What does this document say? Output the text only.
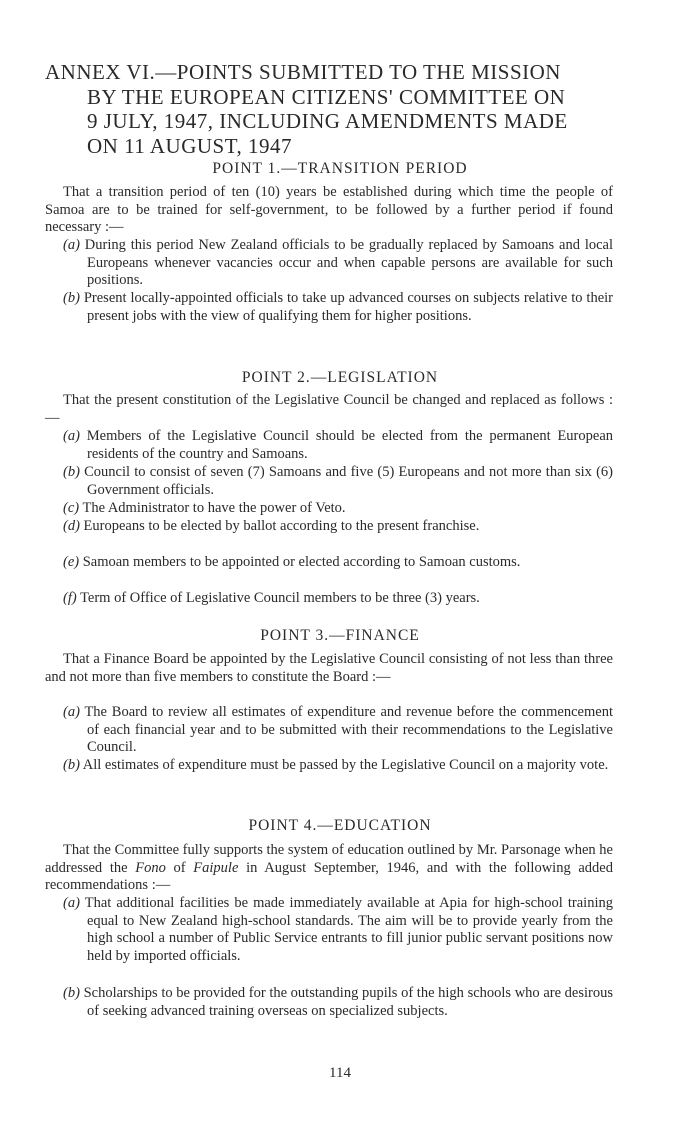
ANNEX VI.—POINTS SUBMITTED TO THE MISSION
BY THE EUROPEAN CITIZENS' COMMITTEE ON
9 JULY, 1947, INCLUDING AMENDMENTS MADE
ON 11 AUGUST, 1947
POINT 1.—TRANSITION PERIOD

That a transition period of ten (10) years be established during which time the people of Samoa are to be trained for self-government, to be followed by a further period if found necessary :—

(a) During this period New Zealand officials to be gradually replaced by Samoans and local Europeans whenever vacancies occur and when capable persons are available for such positions.

(b) Present locally-appointed officials to take up advanced courses on subjects relative to their present jobs with the view of qualifying them for higher positions.

POINT 2.—LEGISLATION

That the present constitution of the Legislative Council be changed and replaced as follows :—

(a) Members of the Legislative Council should be elected from the permanent European residents of the country and Samoans.

(b) Council to consist of seven (7) Samoans and five (5) Europeans and not more than six (6) Government officials.

(c) The Administrator to have the power of Veto.

(d) Europeans to be elected by ballot according to the present franchise.

(e) Samoan members to be appointed or elected according to Samoan customs.

(f) Term of Office of Legislative Council members to be three (3) years.

POINT 3.—FINANCE

That a Finance Board be appointed by the Legislative Council consisting of not less than three and not more than five members to constitute the Board :—

(a) The Board to review all estimates of expenditure and revenue before the commencement of each financial year and to be submitted with their recommendations to the Legislative Council.

(b) All estimates of expenditure must be passed by the Legislative Council on a majority vote.

POINT 4.—EDUCATION

That the Committee fully supports the system of education outlined by Mr. Parsonage when he addressed the Fono of Faipule in August September, 1946, and with the following added recommendations :—

(a) That additional facilities be made immediately available at Apia for high-school training equal to New Zealand high-school standards. The aim will be to provide yearly from the high school a number of Public Service entrants to fill junior public servant positions now held by imported officials.

(b) Scholarships to be provided for the outstanding pupils of the high schools who are desirous of seeking advanced training overseas on specialized subjects.

114
